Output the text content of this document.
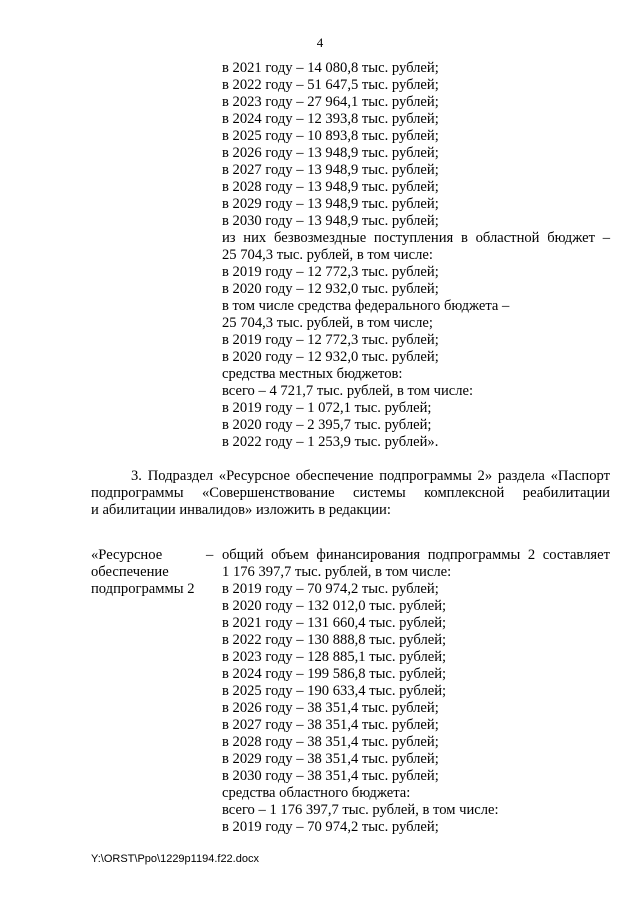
4
в 2021 году – 14 080,8 тыс. рублей;
в 2022 году – 51 647,5 тыс. рублей;
в 2023 году – 27 964,1 тыс. рублей;
в 2024 году – 12 393,8 тыс. рублей;
в 2025 году – 10 893,8 тыс. рублей;
в 2026 году – 13 948,9 тыс. рублей;
в 2027 году – 13 948,9 тыс. рублей;
в 2028 году – 13 948,9 тыс. рублей;
в 2029 году – 13 948,9 тыс. рублей;
в 2030 году – 13 948,9 тыс. рублей;
из них безвозмездные поступления в областной бюджет –
25 704,3 тыс. рублей, в том числе:
в 2019 году – 12 772,3 тыс. рублей;
в 2020 году – 12 932,0 тыс. рублей;
в том числе средства федерального бюджета –
25 704,3 тыс. рублей, в том числе;
в 2019 году – 12 772,3 тыс. рублей;
в 2020 году – 12 932,0 тыс. рублей;
средства местных бюджетов:
всего – 4 721,7 тыс. рублей, в том числе:
в 2019 году – 1 072,1 тыс. рублей;
в 2020 году – 2 395,7 тыс. рублей;
в 2022 году – 1 253,9 тыс. рублей».
3. Подраздел «Ресурсное обеспечение подпрограммы 2» раздела «Паспорт
подпрограммы «Совершенствование системы комплексной реабилитации
и абилитации инвалидов» изложить в редакции:
«Ресурсное
обеспечение
подпрограммы 2
– общий объем финансирования подпрограммы 2 составляет
1 176 397,7 тыс. рублей, в том числе:
в 2019 году – 70 974,2 тыс. рублей;
в 2020 году – 132 012,0 тыс. рублей;
в 2021 году – 131 660,4 тыс. рублей;
в 2022 году – 130 888,8 тыс. рублей;
в 2023 году – 128 885,1 тыс. рублей;
в 2024 году – 199 586,8 тыс. рублей;
в 2025 году – 190 633,4 тыс. рублей;
в 2026 году – 38 351,4 тыс. рублей;
в 2027 году – 38 351,4 тыс. рублей;
в 2028 году – 38 351,4 тыс. рублей;
в 2029 году – 38 351,4 тыс. рублей;
в 2030 году – 38 351,4 тыс. рублей;
средства областного бюджета:
всего – 1 176 397,7 тыс. рублей, в том числе:
в 2019 году – 70 974,2 тыс. рублей;
Y:\ORST\Ppo\1229p1194.f22.docx
